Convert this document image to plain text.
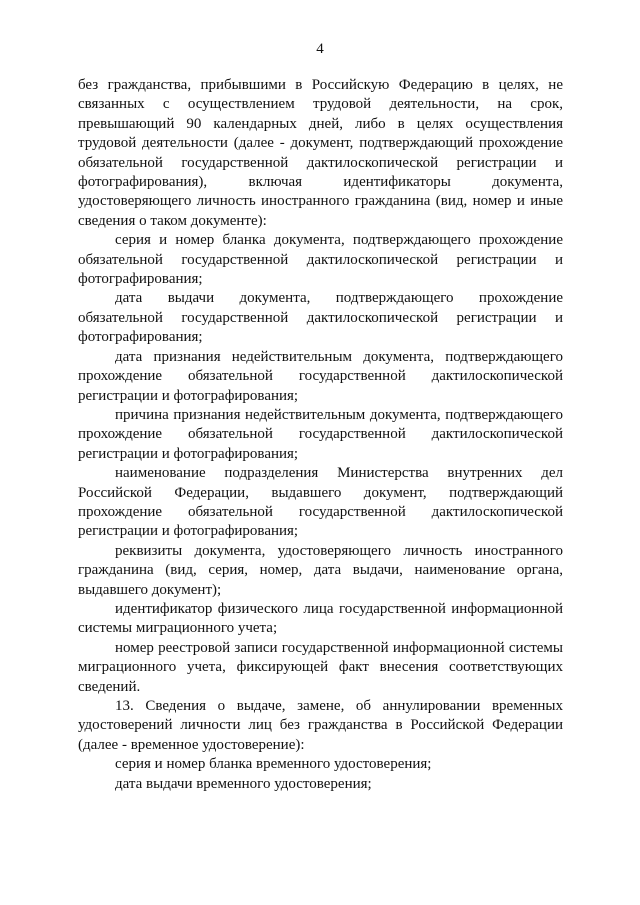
4

без гражданства, прибывшими в Российскую Федерацию в целях, не связанных с осуществлением трудовой деятельности, на срок, превышающий 90 календарных дней, либо в целях осуществления трудовой деятельности (далее - документ, подтверждающий прохождение обязательной государственной дактилоскопической регистрации и фотографирования), включая идентификаторы документа, удостоверяющего личность иностранного гражданина (вид, номер и иные сведения о таком документе):

серия и номер бланка документа, подтверждающего прохождение обязательной государственной дактилоскопической регистрации и фотографирования;

дата выдачи документа, подтверждающего прохождение обязательной государственной дактилоскопической регистрации и фотографирования;

дата признания недействительным документа, подтверждающего прохождение обязательной государственной дактилоскопической регистрации и фотографирования;

причина признания недействительным документа, подтверждающего прохождение обязательной государственной дактилоскопической регистрации и фотографирования;

наименование подразделения Министерства внутренних дел Российской Федерации, выдавшего документ, подтверждающий прохождение обязательной государственной дактилоскопической регистрации и фотографирования;

реквизиты документа, удостоверяющего личность иностранного гражданина (вид, серия, номер, дата выдачи, наименование органа, выдавшего документ);

идентификатор физического лица государственной информационной системы миграционного учета;

номер реестровой записи государственной информационной системы миграционного учета, фиксирующей факт внесения соответствующих сведений.

13. Сведения о выдаче, замене, об аннулировании временных удостоверений личности лиц без гражданства в Российской Федерации (далее - временное удостоверение):

серия и номер бланка временного удостоверения;

дата выдачи временного удостоверения;
